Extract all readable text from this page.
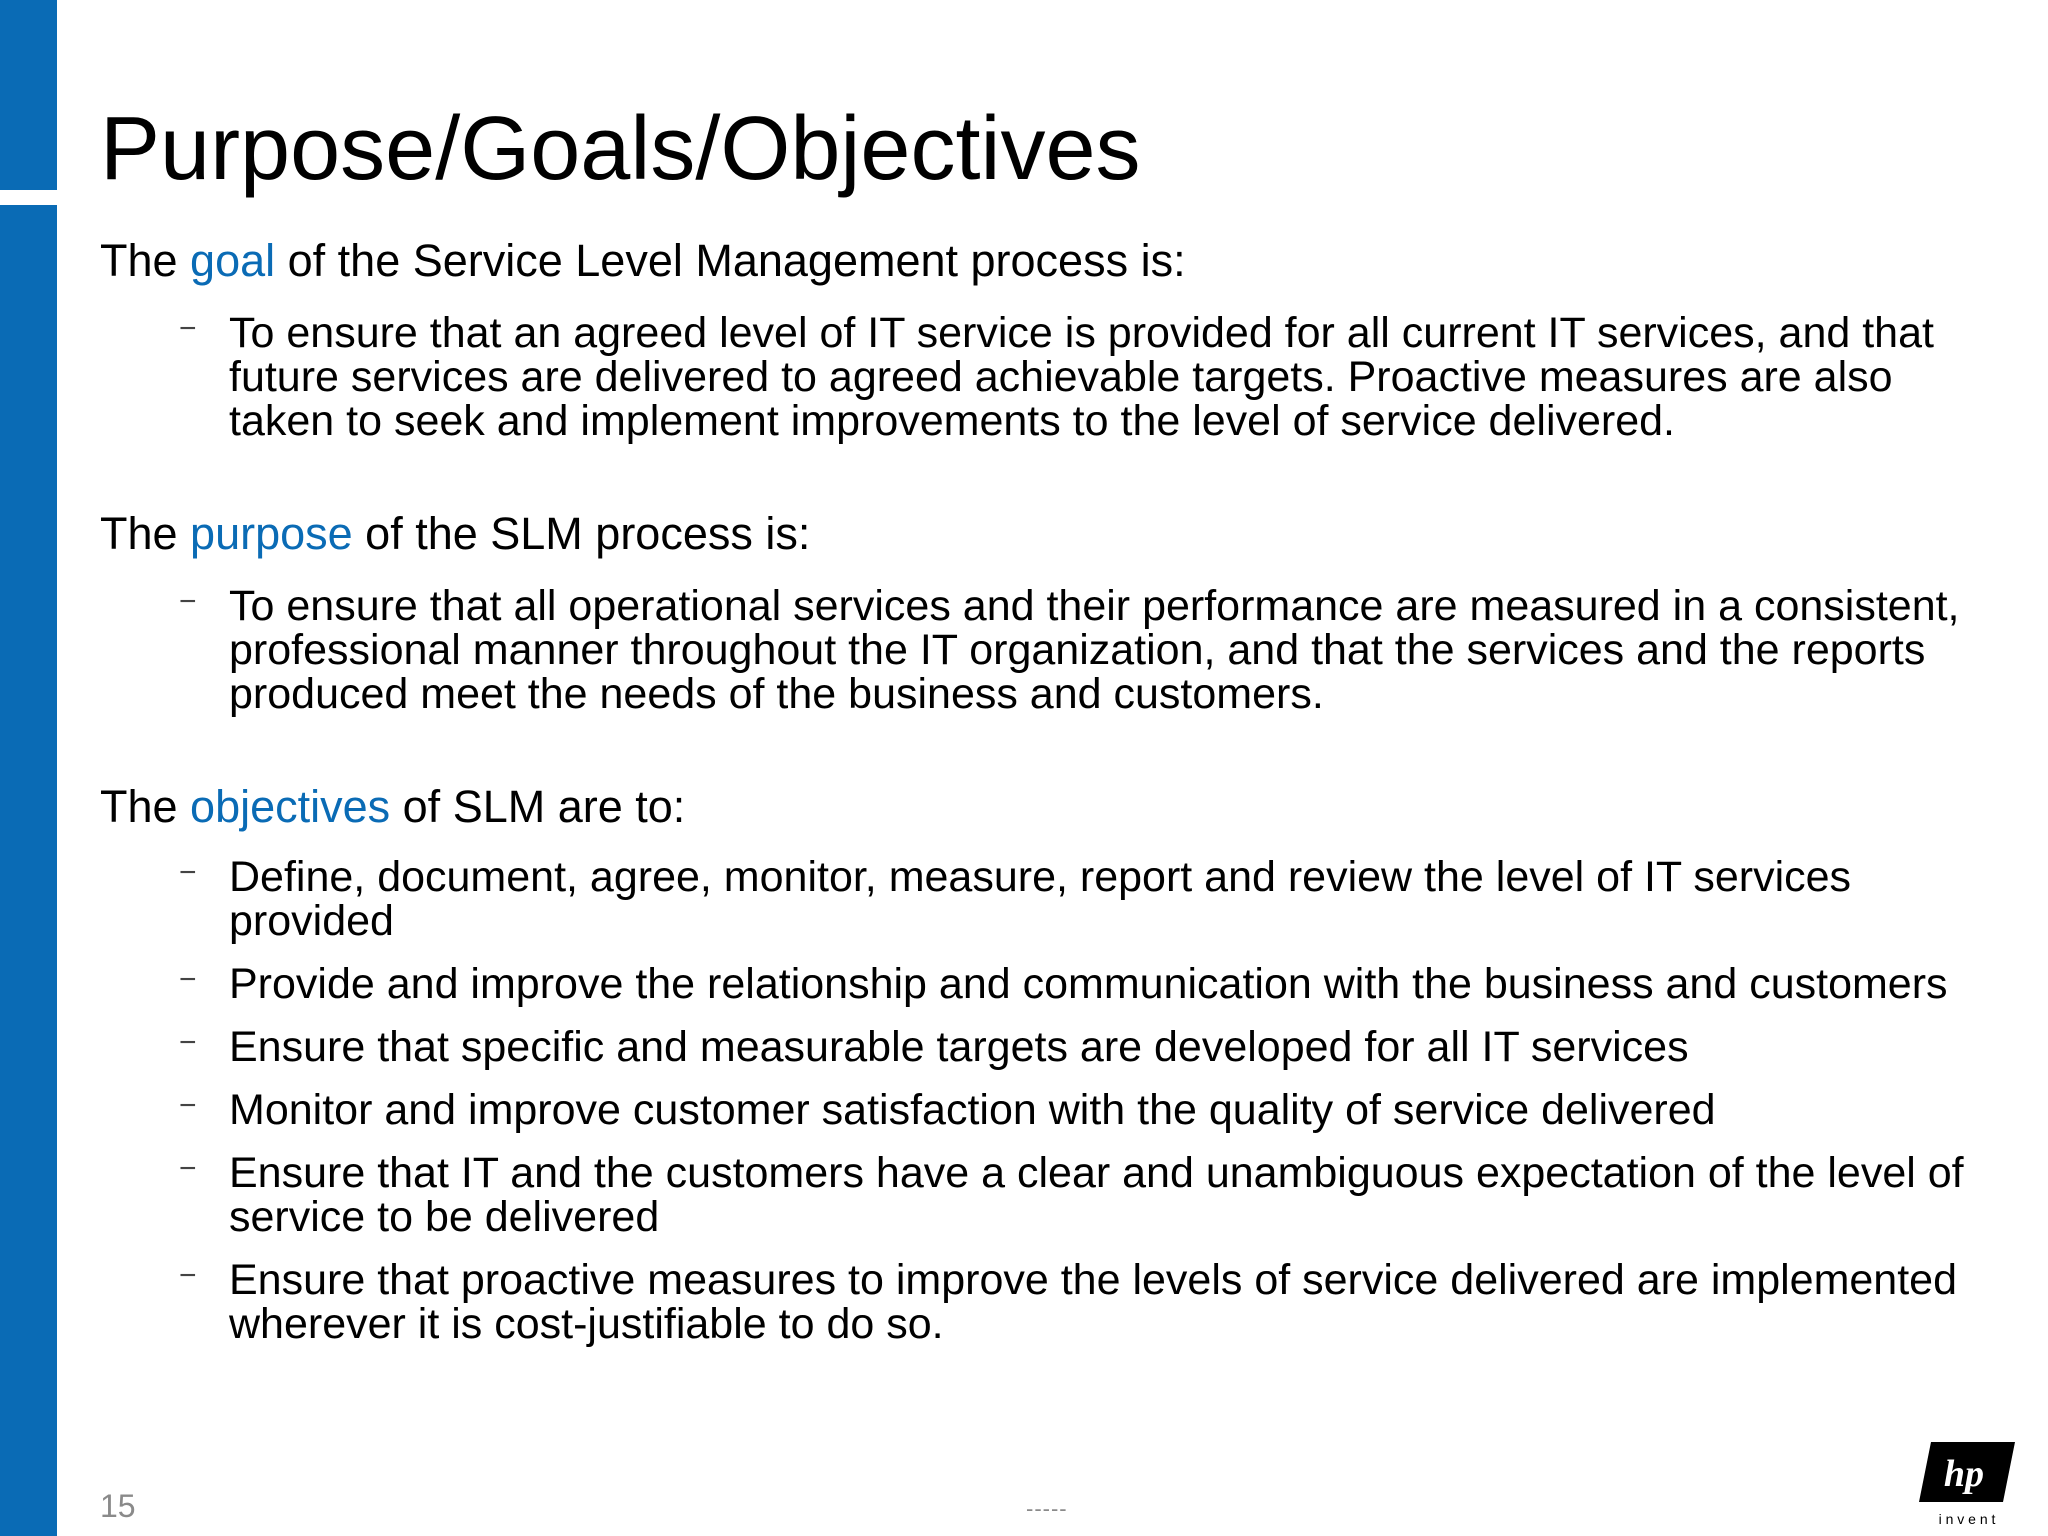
Purpose/Goals/Objectives

The goal of the Service Level Management process is:

− To ensure that an agreed level of IT service is provided for all current IT services, and that future services are delivered to agreed achievable targets. Proactive measures are also taken to seek and implement improvements to the level of service delivered.

The purpose of the SLM process is:

− To ensure that all operational services and their performance are measured in a consistent, professional manner throughout the IT organization, and that the services and the reports produced meet the needs of the business and customers.

The objectives of SLM are to:

− Define, document, agree, monitor, measure, report and review the level of IT services provided
− Provide and improve the relationship and communication with the business and customers
− Ensure that specific and measurable targets are developed for all IT services
− Monitor and improve customer satisfaction with the quality of service delivered
− Ensure that IT and the customers have a clear and unambiguous expectation of the level of service to be delivered
− Ensure that proactive measures to improve the levels of service delivered are implemented wherever it is cost-justifiable to do so.
15	-----
hp
i n v e n t
